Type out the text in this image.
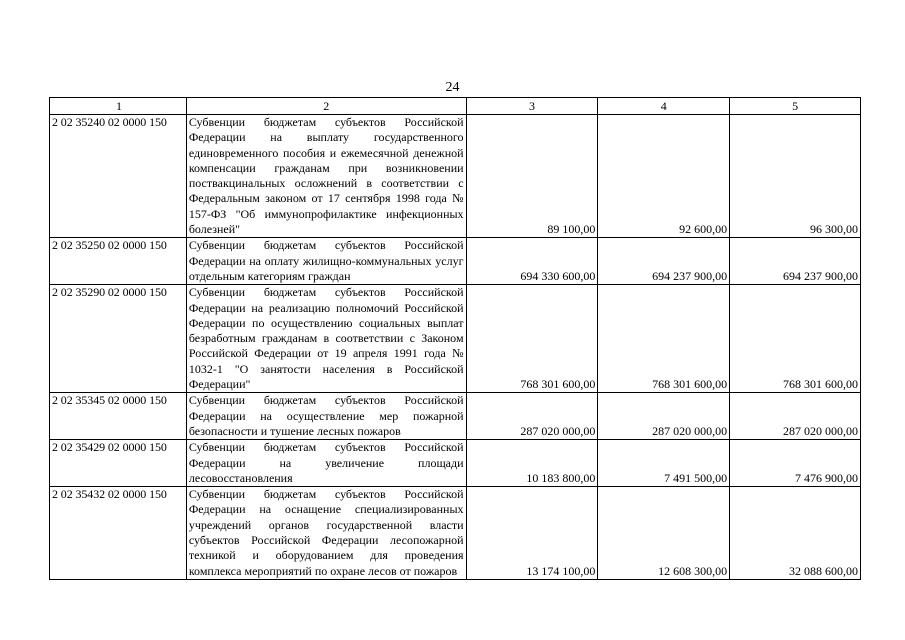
24
1	2	3	4	5
2 02 35240 02 0000 150	Субвенции бюджетам субъектов Российской Федерации на выплату государственного единовременного пособия и ежемесячной денежной компенсации гражданам при возникновении поствакцинальных осложнений в соответствии с Федеральным законом от 17 сентября 1998 года № 157-ФЗ "Об иммунопрофилактике инфекционных болезней"	89 100,00	92 600,00	96 300,00
2 02 35250 02 0000 150	Субвенции бюджетам субъектов Российской Федерации на оплату жилищно-коммунальных услуг отдельным категориям граждан	694 330 600,00	694 237 900,00	694 237 900,00
2 02 35290 02 0000 150	Субвенции бюджетам субъектов Российской Федерации на реализацию полномочий Российской Федерации по осуществлению социальных выплат безработным гражданам в соответствии с Законом Российской Федерации от 19 апреля 1991 года № 1032-1 "О занятости населения в Российской Федерации"	768 301 600,00	768 301 600,00	768 301 600,00
2 02 35345 02 0000 150	Субвенции бюджетам субъектов Российской Федерации на осуществление мер пожарной безопасности и тушение лесных пожаров	287 020 000,00	287 020 000,00	287 020 000,00
2 02 35429 02 0000 150	Субвенции бюджетам субъектов Российской Федерации на увеличение площади лесовосстановления	10 183 800,00	7 491 500,00	7 476 900,00
2 02 35432 02 0000 150	Субвенции бюджетам субъектов Российской Федерации на оснащение специализированных учреждений органов государственной власти субъектов Российской Федерации лесопожарной техникой и оборудованием для проведения комплекса мероприятий по охране лесов от пожаров	13 174 100,00	12 608 300,00	32 088 600,00
